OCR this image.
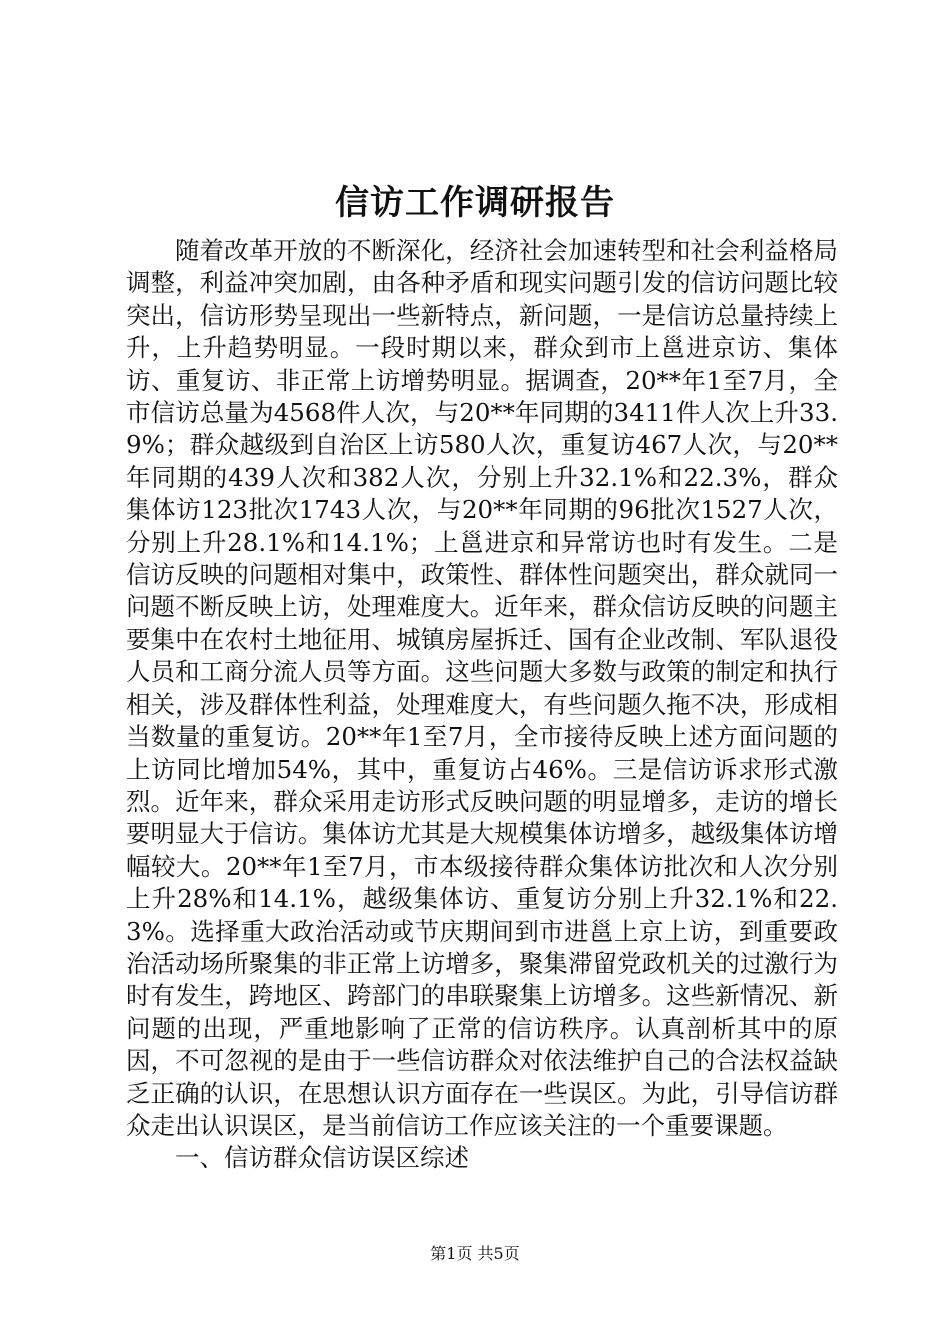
信访工作调研报告

随着改革开放的不断深化，经济社会加速转型和社会利益格局调整，利益冲突加剧，由各种矛盾和现实问题引发的信访问题比较突出，信访形势呈现出一些新特点，新问题，一是信访总量持续上升，上升趋势明显。一段时期以来，群众到市上邕进京访、集体访、重复访、非正常上访增势明显。据调查，20**年1至7月，全市信访总量为4568件人次，与20**年同期的3411件人次上升33.9%；群众越级到自治区上访580人次，重复访467人次，与20**年同期的439人次和382人次，分别上升32.1%和22.3%，群众集体访123批次1743人次，与20**年同期的96批次1527人次，分别上升28.1%和14.1%；上邕进京和异常访也时有发生。二是信访反映的问题相对集中，政策性、群体性问题突出，群众就同一问题不断反映上访，处理难度大。近年来，群众信访反映的问题主要集中在农村土地征用、城镇房屋拆迁、国有企业改制、军队退役人员和工商分流人员等方面。这些问题大多数与政策的制定和执行相关，涉及群体性利益，处理难度大，有些问题久拖不决，形成相当数量的重复访。20**年1至7月，全市接待反映上述方面问题的上访同比增加54%，其中，重复访占46%。三是信访诉求形式激烈。近年来，群众采用走访形式反映问题的明显增多，走访的增长要明显大于信访。集体访尤其是大规模集体访增多，越级集体访增幅较大。20**年1至7月，市本级接待群众集体访批次和人次分别上升28%和14.1%，越级集体访、重复访分别上升32.1%和22.3%。选择重大政治活动或节庆期间到市进邕上京上访，到重要政治活动场所聚集的非正常上访增多，聚集滞留党政机关的过激行为时有发生，跨地区、跨部门的串联聚集上访增多。这些新情况、新问题的出现，严重地影响了正常的信访秩序。认真剖析其中的原因，不可忽视的是由于一些信访群众对依法维护自己的合法权益缺乏正确的认识，在思想认识方面存在一些误区。为此，引导信访群众走出认识误区，是当前信访工作应该关注的一个重要课题。

一、信访群众信访误区综述

第1页 共5页
